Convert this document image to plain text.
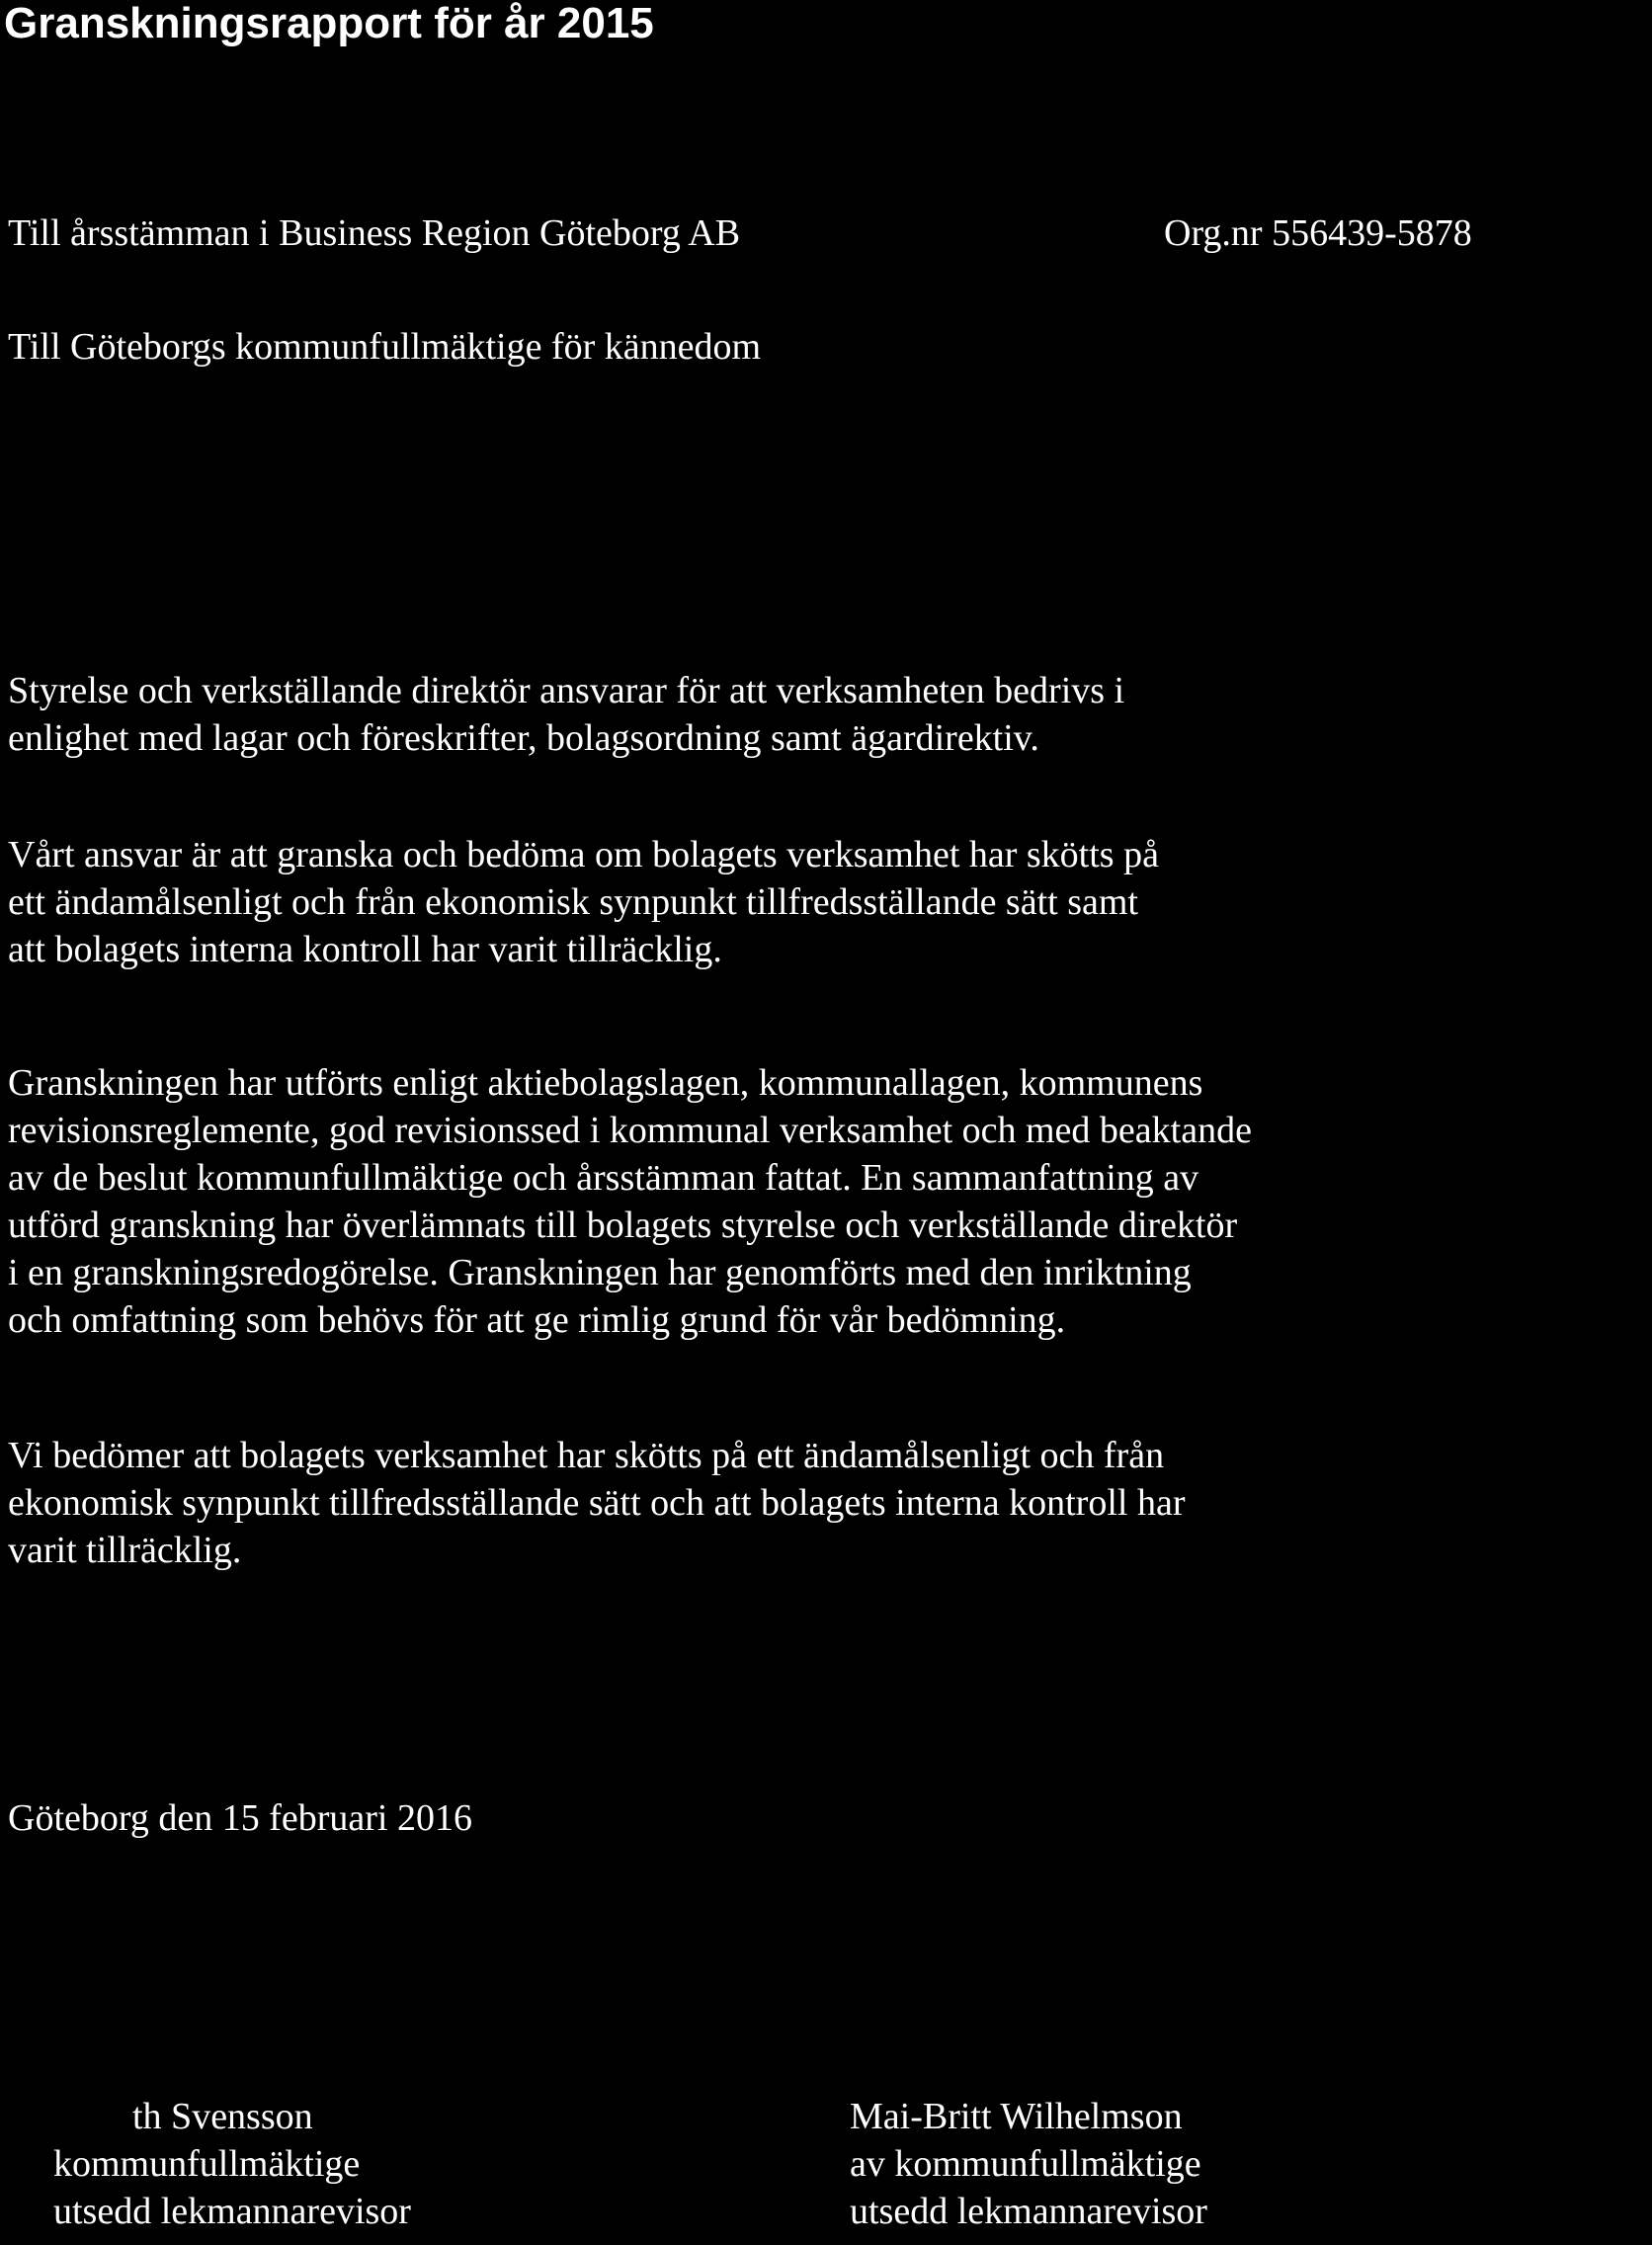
Granskningsrapport för år 2015
Till årsstämman i Business Region Göteborg AB	Org.nr 556439-5878
Till Göteborgs kommunfullmäktige för kännedom
Styrelse och verkställande direktör ansvarar för att verksamheten bedrivs i
enlighet med lagar och föreskrifter, bolagsordning samt ägardirektiv.
Vårt ansvar är att granska och bedöma om bolagets verksamhet har skötts på
ett ändamålsenligt och från ekonomisk synpunkt tillfredsställande sätt samt
att bolagets interna kontroll har varit tillräcklig.
Granskningen har utförts enligt aktiebolagslagen, kommunallagen, kommunens
revisionsreglemente, god revisionssed i kommunal verksamhet och med beaktande
av de beslut kommunfullmäktige och årsstämman fattat. En sammanfattning av
utförd granskning har överlämnats till bolagets styrelse och verkställande direktör
i en granskningsredogörelse. Granskningen har genomförts med den inriktning
och omfattning som behövs för att ge rimlig grund för vår bedömning.
Vi bedömer att bolagets verksamhet har skötts på ett ändamålsenligt och från
ekonomisk synpunkt tillfredsställande sätt och att bolagets interna kontroll har
varit tillräcklig.
Göteborg den 15 februari 2016
th Svensson
kommunfullmäktige
utsedd lekmannarevisor
Mai-Britt Wilhelmson
av kommunfullmäktige
utsedd lekmannarevisor
